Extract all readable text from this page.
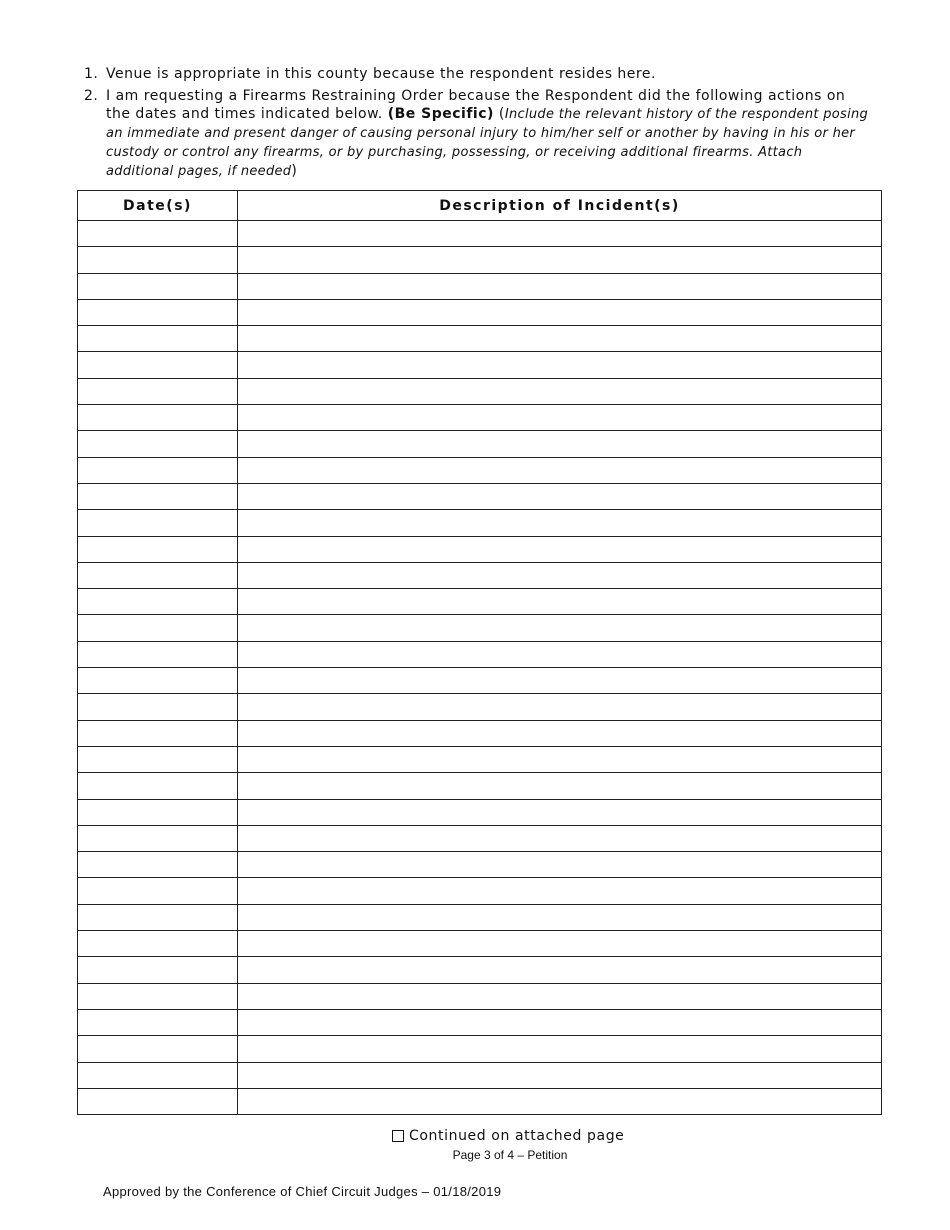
1. Venue is appropriate in this county because the respondent resides here.
2. I am requesting a Firearms Restraining Order because the Respondent did the following actions on the dates and times indicated below. (Be Specific) (Include the relevant history of the respondent posing an immediate and present danger of causing personal injury to him/her self or another by having in his or her custody or control any firearms, or by purchasing, possessing, or receiving additional firearms. Attach additional pages, if needed)
Date(s)	Description of Incident(s)

Continued on attached page
Page 3 of 4 – Petition
Approved by the Conference of Chief Circuit Judges – 01/18/2019
